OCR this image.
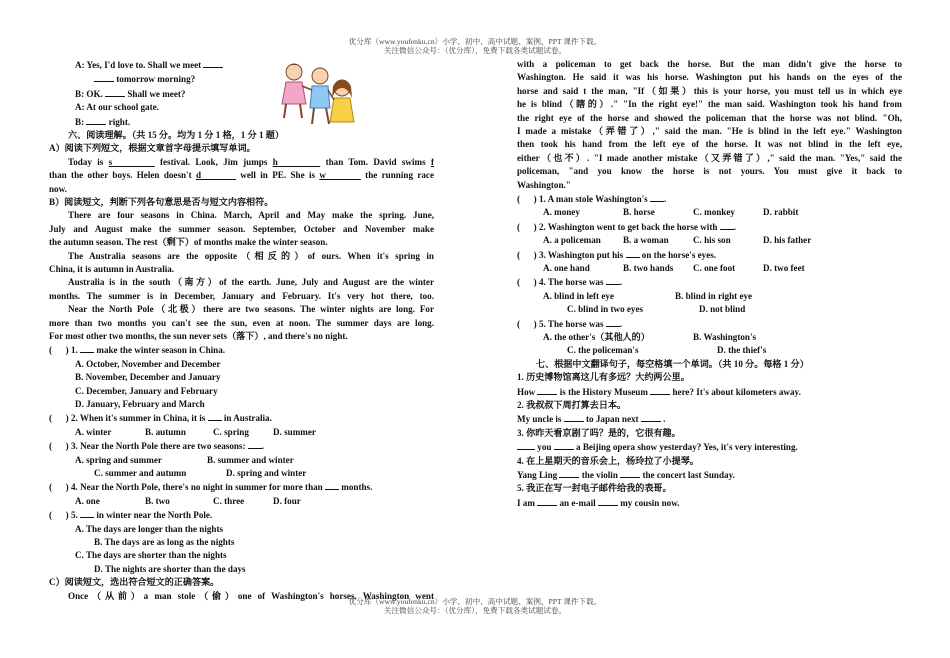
优分库（www.youfenku.cn）小学、初中、高中试题、案例、PPT 课件下载。
关注微信公众号：（优分库），免费下载各类试题试卷。
A: Yes, I'd love to. Shall we meet
tomorrow morning?
B: OK.	Shall we meet?
A: At our school gate.
B:	right.
六、阅读理解。（共 15 分。均为 1 分 1 格，1 分 1 题）
A）阅读下列短文，根据文章首字母提示填写单词。
Today is s	festival. Look, Jim jumps h	than Tom. David swims f
than the other boys. Helen doesn't d	well in PE. She is w	the running race
now.
B）阅读短文，判断下列各句意思是否与短文内容相符。
There are four seasons in China. March, April and May make the spring. June,
July and August make the summer season. September, October and November make
the autumn season. The rest（剩下）of months make the winter season.
The Australia seasons are the opposite（相反的）of ours. When it's spring in
China, it is autumn in Australia.
Australia is in the south（南方）of the earth. June, July and August are the winter
months. The summer is in December, January and February. It's very hot there, too.
Near the North Pole（北极）there are two seasons. The winter nights are long. For
more than two months you can't see the sun, even at noon. The summer days are long.
For most other two months, the sun never sets（落下）, and there's no night.
( ) 1. make the winter season in China.
A. October, November and December
B. November, December and January
C. December, January and February
D. January, February and March
( ) 2. When it's summer in China, it is in Australia.
A. winter	B. autumn	C. spring	D. summer
( ) 3. Near the North Pole there are two seasons: .
A. spring and summer	B. summer and winter
C. summer and autumn	D. spring and winter
( ) 4. Near the North Pole, there's no night in summer for more than months.
A. one	B. two	C. three	D. four
( ) 5. in winter near the North Pole.
A. The days are longer than the nights
B. The days are as long as the nights
C. The days are shorter than the nights
D. The nights are shorter than the days
C）阅读短文，选出符合短文的正确答案。
Once（从前）a man stole（偷）one of Washington's horses. Washington went
with a policeman to get back the horse. But the man didn't give the horse to
Washington. He said it was his horse. Washington put his hands on the eyes of the
horse and said t the man, "If（如果）this is your horse, you must tell us in which eye
he is blind（瞎的）." "In the right eye!" the man said. Washington took his hand from
the right eye of the horse and showed the policeman that the horse was not blind. "Oh,
I made a mistake（弄错了）," said the man. "He is blind in the left eye." Washington
then took his hand from the left eye of the horse. It was not blind in the left eye,
either（也不）. "I made another mistake（又弄错了）," said the man. "Yes," said the
policeman, "and you know the horse is not yours. You must give it back to
Washington."
( ) 1. A man stole Washington's .
A. money	B. horse	C. monkey	D. rabbit
( ) 2. Washington went to get back the horse with .
A. a policeman B. a woman	C. his son	D. his father
( ) 3. Washington put his on the horse's eyes.
A. one hand	B. two hands C. one foot	D. two feet
( ) 4. The horse was .
A. blind in left eye	B. blind in right eye
C. blind in two eyes	D. not blind
( ) 5. The horse was .
A. the other's（其他人的）	B. Washington's
C. the policeman's	D. the thief's
七、根据中文翻译句子，每空格填一个单词。（共 10 分。每格 1 分）
1. 历史博物馆离这儿有多远？大约两公里。
How	is the History Museum	here? It's about kilometers away.
2. 我叔叔下周打算去日本。
My uncle is	to Japan next	.
3. 你昨天看京剧了吗？是的，它很有趣。
you	a Beijing opera show yesterday? Yes, it's very interesting.
4. 在上星期天的音乐会上，杨玲拉了小提琴。
Yang Ling	the violin	the concert last Sunday.
5. 我正在写一封电子邮件给我的表哥。
I am	an e-mail	my cousin now.
优分库（www.youfenku.cn）小学、初中、高中试题、案例、PPT 课件下载。
关注微信公众号：（优分库），免费下载各类试题试卷。
